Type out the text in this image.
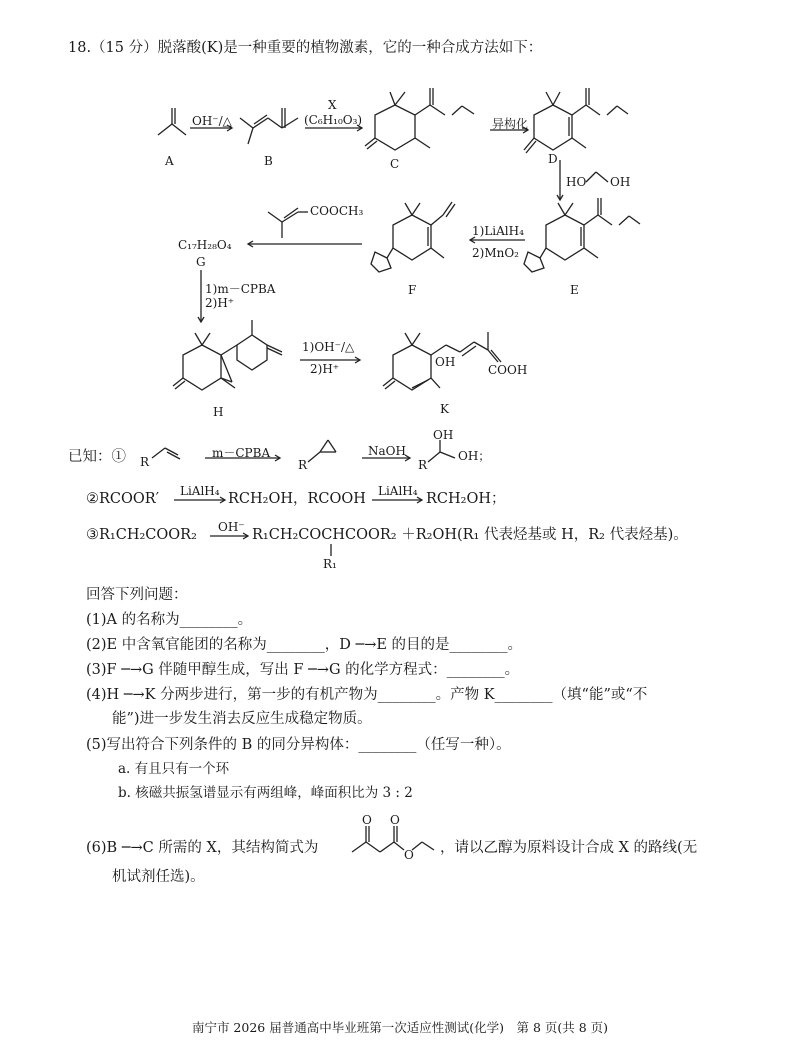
18.（15 分）脱落酸(K)是一种重要的植物激素，它的一种合成方法如下：
A	B	C	D
E
F
G
H	K
OH⁻/△
X
(C₆H₁₀O₃)	异构化
HO OH
1)LiAlH₄
2)MnO₂
COOCH₃
C₁₇H₂₈O₄
1)m－CPBA
2)H⁺
1)OH⁻/△
2)H⁺	OH
COOH
已知：① R
m－CPBA
R
NaOH
OH
R
OH；
②RCOOR′ LiAlH₄ RCH₂OH，RCOOH LiAlH₄ RCH₂OH；
③R₁CH₂COOR₂ OH⁻ R₁CH₂COCHCOOR₂ ＋R₂OH(R₁ 代表烃基或 H，R₂ 代表烃基)。
R₁
回答下列问题：
(1)A 的名称为________。
(2)E 中含氧官能团的名称为________，D ─→E 的目的是________。
(3)F ─→G 伴随甲醇生成，写出 F ─→G 的化学方程式：________。
(4)H ─→K 分两步进行，第一步的有机产物为________。产物 K________（填“能”或“不
能”)进一步发生消去反应生成稳定物质。
(5)写出符合下列条件的 B 的同分异构体：________（任写一种）。
a. 有且只有一个环
b. 核磁共振氢谱显示有两组峰，峰面积比为 3 : 2
(6)B ─→C 所需的 X，其结构简式为
O O
O ，请以乙醇为原料设计合成 X 的路线(无
机试剂任选)。
南宁市 2026 届普通高中毕业班第一次适应性测试(化学)　第 8 页(共 8 页)
